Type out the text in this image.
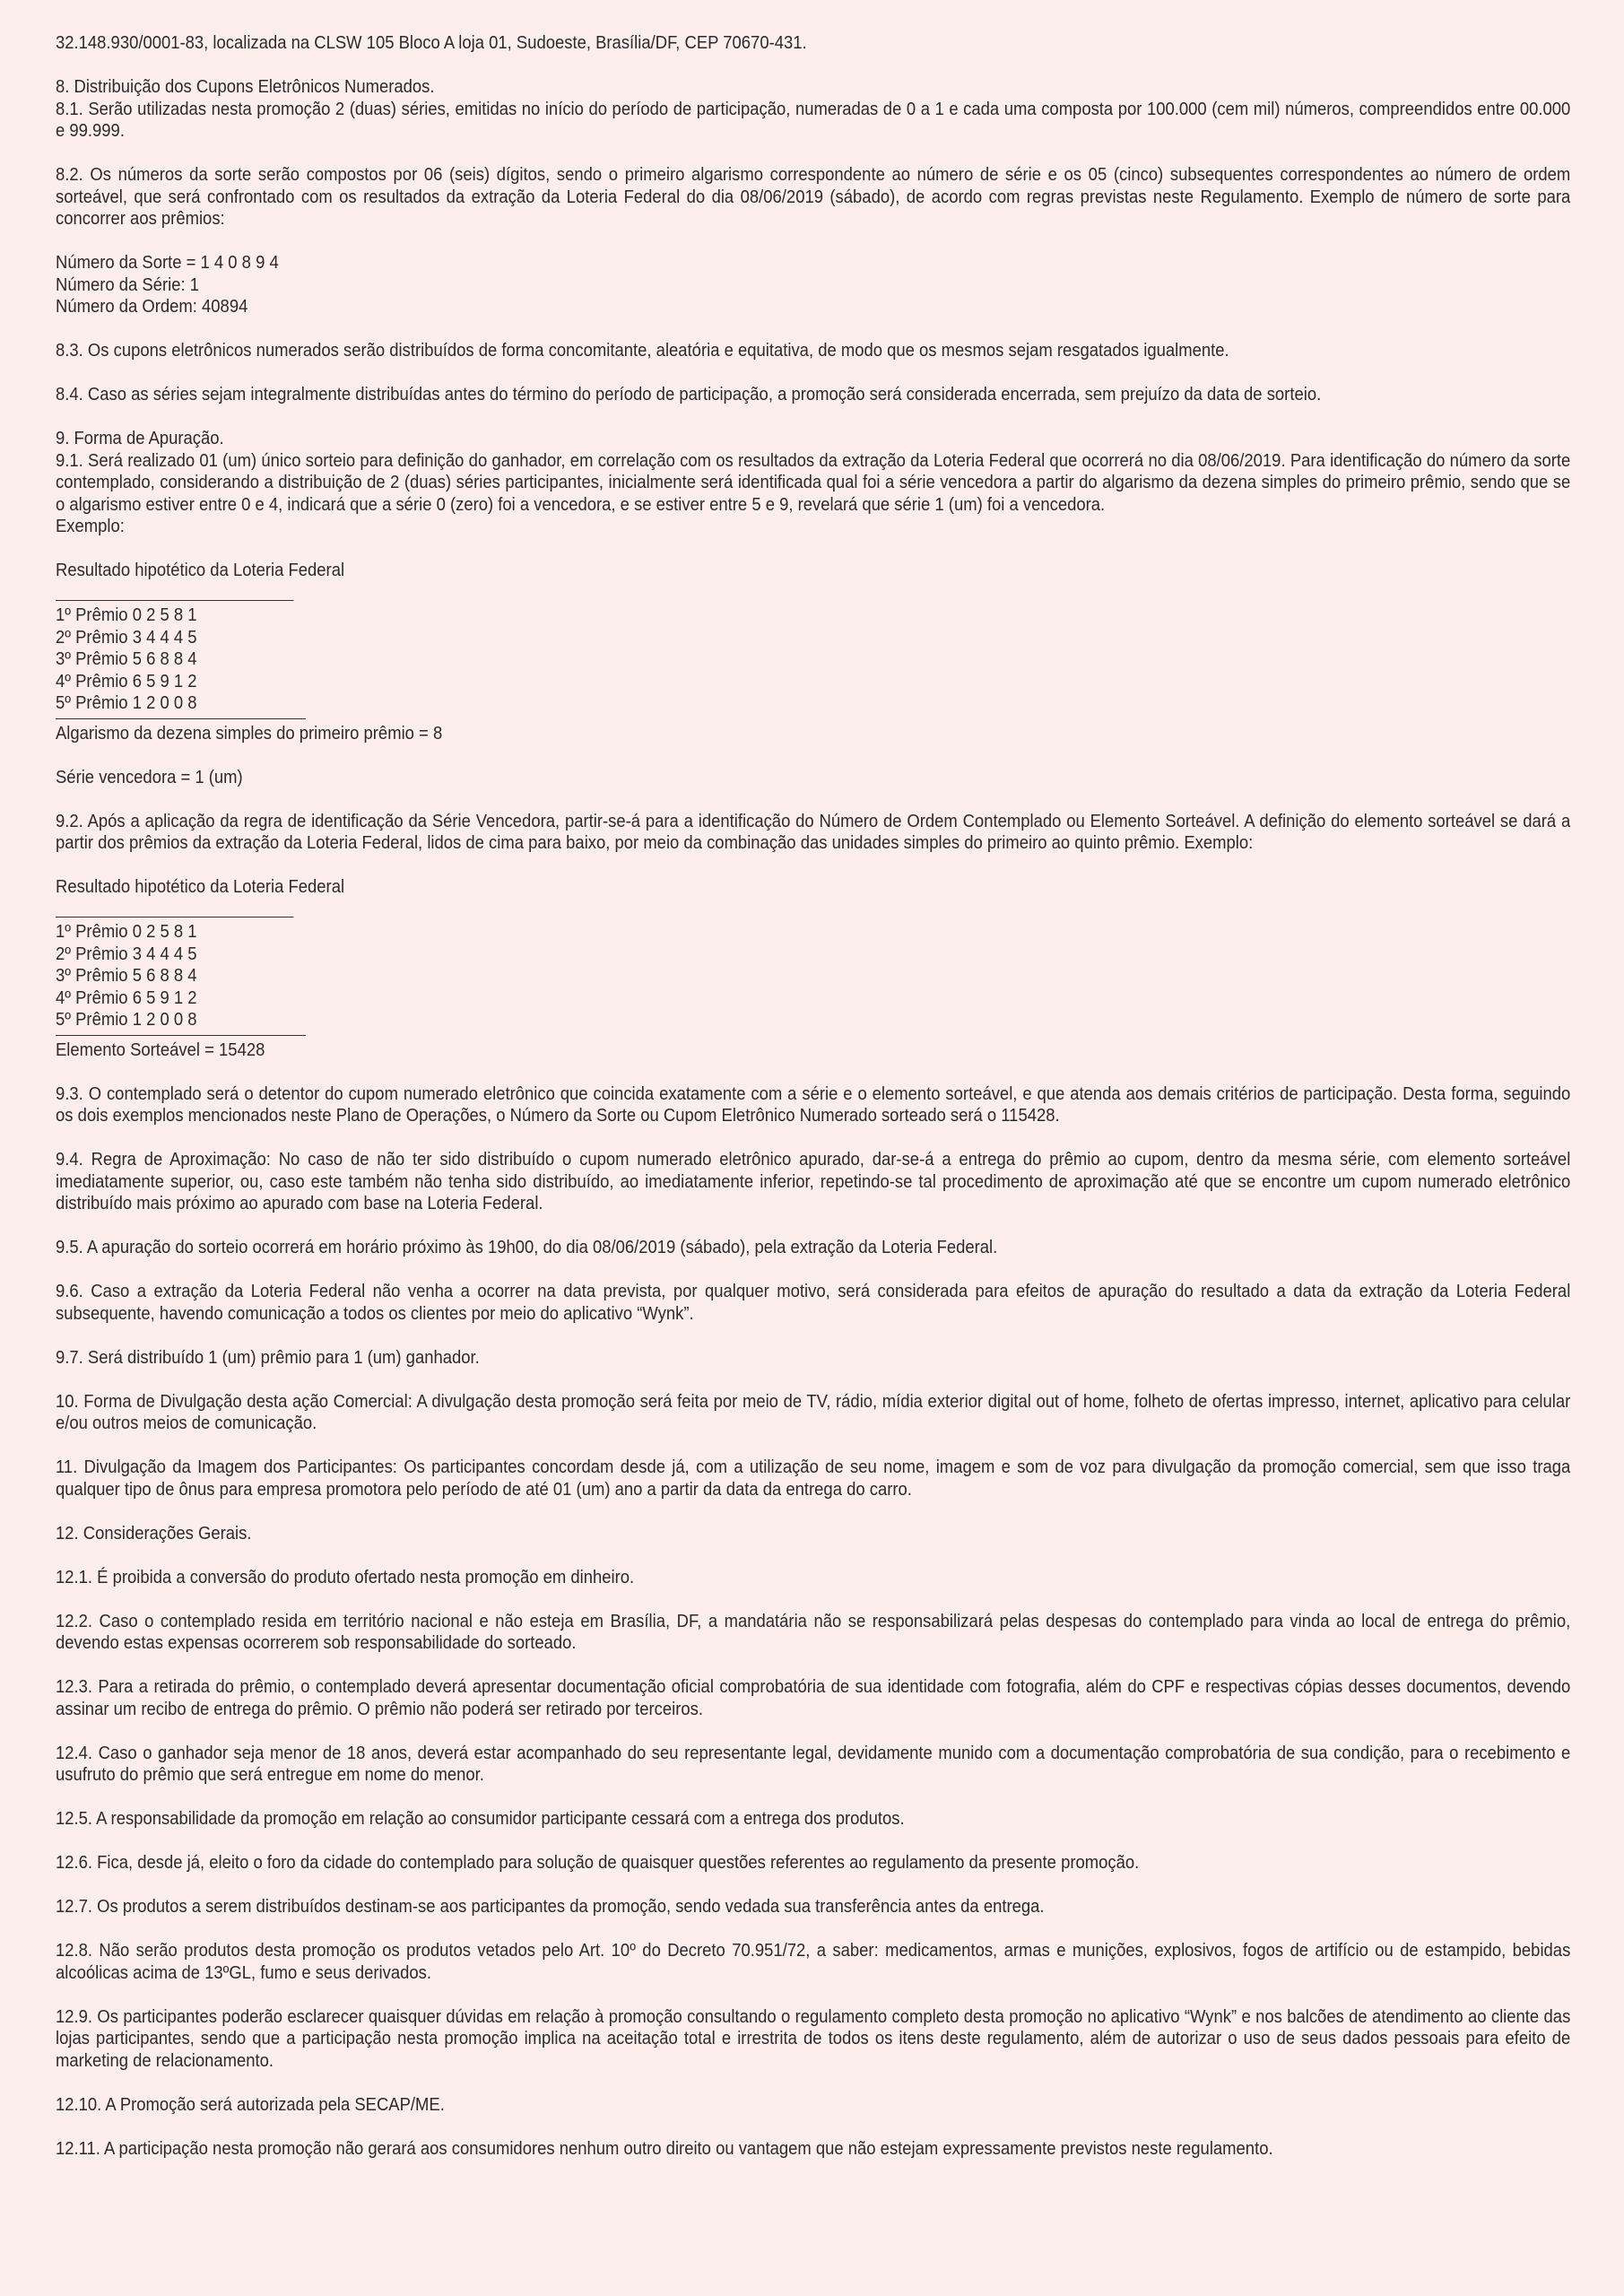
32.148.930/0001-83, localizada na CLSW 105 Bloco A loja 01, Sudoeste, Brasília/DF, CEP 70670-431.

8. Distribuição dos Cupons Eletrônicos Numerados.

8.1. Serão utilizadas nesta promoção 2 (duas) séries, emitidas no início do período de participação, numeradas de 0 a 1 e cada uma composta por 100.000 (cem mil) números, compreendidos entre 00.000 e 99.999.

8.2. Os números da sorte serão compostos por 06 (seis) dígitos, sendo o primeiro algarismo correspondente ao número de série e os 05 (cinco) subsequentes correspondentes ao número de ordem sorteável, que será confrontado com os resultados da extração da Loteria Federal do dia 08/06/2019 (sábado), de acordo com regras previstas neste Regulamento. Exemplo de número de sorte para concorrer aos prêmios:

Número da Sorte = 1 4 0 8 9 4
Número da Série: 1
Número da Ordem: 40894

8.3. Os cupons eletrônicos numerados serão distribuídos de forma concomitante, aleatória e equitativa, de modo que os mesmos sejam resgatados igualmente.

8.4. Caso as séries sejam integralmente distribuídas antes do término do período de participação, a promoção será considerada encerrada, sem prejuízo da data de sorteio.

9. Forma de Apuração.

9.1. Será realizado 01 (um) único sorteio para definição do ganhador, em correlação com os resultados da extração da Loteria Federal que ocorrerá no dia 08/06/2019. Para identificação do número da sorte contemplado, considerando a distribuição de 2 (duas) séries participantes, inicialmente será identificada qual foi a série vencedora a partir do algarismo da dezena simples do primeiro prêmio, sendo que se o algarismo estiver entre 0 e 4, indicará que a série 0 (zero) foi a vencedora, e se estiver entre 5 e 9, revelará que série 1 (um) foi a vencedora.

Exemplo:

Resultado hipotético da Loteria Federal
1º Prêmio 0 2 5 8 1
2º Prêmio 3 4 4 4 5
3º Prêmio 5 6 8 8 4
4º Prêmio 6 5 9 1 2
5º Prêmio 1 2 0 0 8
Algarismo da dezena simples do primeiro prêmio = 8

Série vencedora = 1 (um)

9.2. Após a aplicação da regra de identificação da Série Vencedora, partir-se-á para a identificação do Número de Ordem Contemplado ou Elemento Sorteável. A definição do elemento sorteável se dará a partir dos prêmios da extração da Loteria Federal, lidos de cima para baixo, por meio da combinação das unidades simples do primeiro ao quinto prêmio. Exemplo:

Resultado hipotético da Loteria Federal
1º Prêmio 0 2 5 8 1
2º Prêmio 3 4 4 4 5
3º Prêmio 5 6 8 8 4
4º Prêmio 6 5 9 1 2
5º Prêmio 1 2 0 0 8
Elemento Sorteável = 15428

9.3. O contemplado será o detentor do cupom numerado eletrônico que coincida exatamente com a série e o elemento sorteável, e que atenda aos demais critérios de participação. Desta forma, seguindo os dois exemplos mencionados neste Plano de Operações, o Número da Sorte ou Cupom Eletrônico Numerado sorteado será o 115428.

9.4. Regra de Aproximação: No caso de não ter sido distribuído o cupom numerado eletrônico apurado, dar-se-á a entrega do prêmio ao cupom, dentro da mesma série, com elemento sorteável imediatamente superior, ou, caso este também não tenha sido distribuído, ao imediatamente inferior, repetindo-se tal procedimento de aproximação até que se encontre um cupom numerado eletrônico distribuído mais próximo ao apurado com base na Loteria Federal.

9.5. A apuração do sorteio ocorrerá em horário próximo às 19h00, do dia 08/06/2019 (sábado), pela extração da Loteria Federal.

9.6. Caso a extração da Loteria Federal não venha a ocorrer na data prevista, por qualquer motivo, será considerada para efeitos de apuração do resultado a data da extração da Loteria Federal subsequente, havendo comunicação a todos os clientes por meio do aplicativo “Wynk”.

9.7. Será distribuído 1 (um) prêmio para 1 (um) ganhador.

10. Forma de Divulgação desta ação Comercial: A divulgação desta promoção será feita por meio de TV, rádio, mídia exterior digital out of home, folheto de ofertas impresso, internet, aplicativo para celular e/ou outros meios de comunicação.

11. Divulgação da Imagem dos Participantes: Os participantes concordam desde já, com a utilização de seu nome, imagem e som de voz para divulgação da promoção comercial, sem que isso traga qualquer tipo de ônus para empresa promotora pelo período de até 01 (um) ano a partir da data da entrega do carro.

12. Considerações Gerais.

12.1. É proibida a conversão do produto ofertado nesta promoção em dinheiro.

12.2. Caso o contemplado resida em território nacional e não esteja em Brasília, DF, a mandatária não se responsabilizará pelas despesas do contemplado para vinda ao local de entrega do prêmio, devendo estas expensas ocorrerem sob responsabilidade do sorteado.

12.3. Para a retirada do prêmio, o contemplado deverá apresentar documentação oficial comprobatória de sua identidade com fotografia, além do CPF e respectivas cópias desses documentos, devendo assinar um recibo de entrega do prêmio. O prêmio não poderá ser retirado por terceiros.

12.4. Caso o ganhador seja menor de 18 anos, deverá estar acompanhado do seu representante legal, devidamente munido com a documentação comprobatória de sua condição, para o recebimento e usufruto do prêmio que será entregue em nome do menor.

12.5. A responsabilidade da promoção em relação ao consumidor participante cessará com a entrega dos produtos.

12.6. Fica, desde já, eleito o foro da cidade do contemplado para solução de quaisquer questões referentes ao regulamento da presente promoção.

12.7. Os produtos a serem distribuídos destinam-se aos participantes da promoção, sendo vedada sua transferência antes da entrega.

12.8. Não serão produtos desta promoção os produtos vetados pelo Art. 10º do Decreto 70.951/72, a saber: medicamentos, armas e munições, explosivos, fogos de artifício ou de estampido, bebidas alcoólicas acima de 13ºGL, fumo e seus derivados.

12.9. Os participantes poderão esclarecer quaisquer dúvidas em relação à promoção consultando o regulamento completo desta promoção no aplicativo “Wynk” e nos balcões de atendimento ao cliente das lojas participantes, sendo que a participação nesta promoção implica na aceitação total e irrestrita de todos os itens deste regulamento, além de autorizar o uso de seus dados pessoais para efeito de marketing de relacionamento.

12.10. A Promoção será autorizada pela SECAP/ME.

12.11. A participação nesta promoção não gerará aos consumidores nenhum outro direito ou vantagem que não estejam expressamente previstos neste regulamento.
